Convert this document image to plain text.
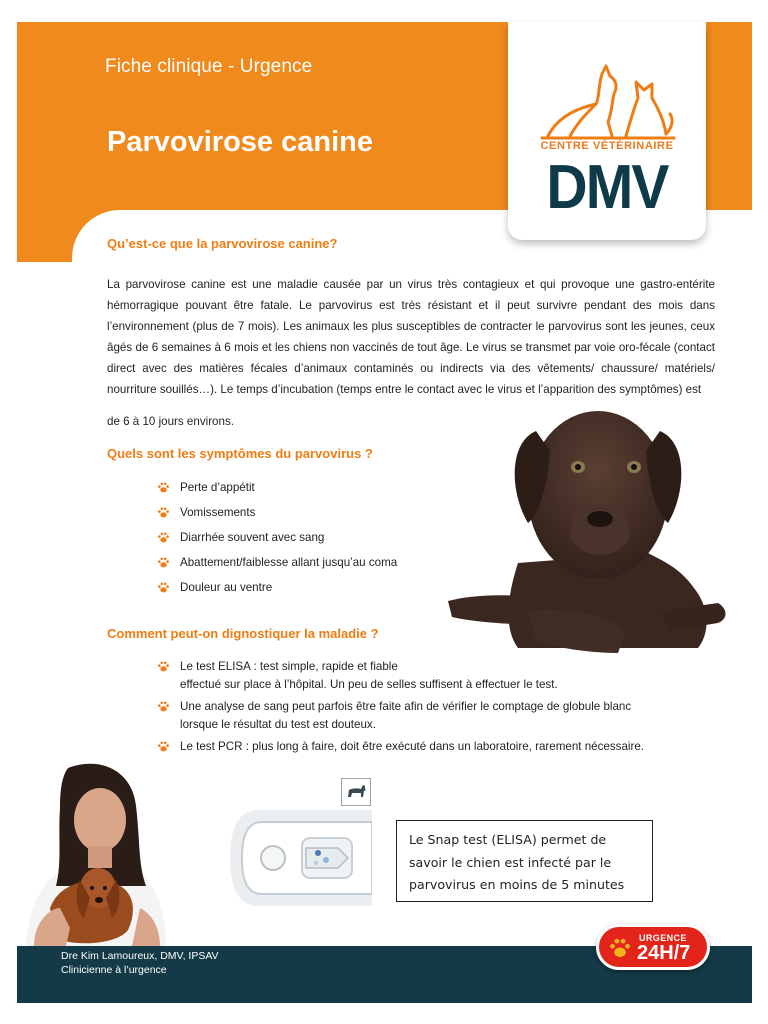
Fiche clinique - Urgence
Parvovirose canine	CENTRE VÉTÉRINAIRE
DMV
Qu’est-ce que la parvovirose canine?

La parvovirose canine est une maladie causée par un virus très contagieux et qui provoque une gastro-entérite hémorragique pouvant être fatale. Le parvovirus est très résistant et il peut survivre pendant des mois dans l’environnement (plus de 7 mois). Les animaux les plus susceptibles de contracter le parvovirus sont les jeunes, ceux âgés de 6 semaines à 6 mois et les chiens non vaccinés de tout âge. Le virus se transmet par voie oro-fécale (contact direct avec des matières fécales d’animaux contaminés ou indirects via des vêtements/ chaussure/ matériels/ nourriture souillés…). Le temps d’incubation (temps entre le contact avec le virus et l’apparition des symptômes) est

de 6 à 10 jours environs.
Quels sont les symptômes du parvovirus ?
Perte d’appétit
Vomissements
Diarrhée souvent avec sang
Abattement/faiblesse allant jusqu’au coma
Douleur au ventre
Comment peut-on dignostiquer la maladie ?
Le test ELISA : test simple, rapide et fiable
effectué sur place à l’hôpital. Un peu de selles suffisent à effectuer le test.
Une analyse de sang peut parfois être faite afin de vérifier le comptage de globule blanc
lorsque le résultat du test est douteux.
Le test PCR : plus long à faire, doit être exécuté dans un laboratoire, rarement nécessaire.
Le Snap test (ELISA) permet de
savoir le chien est infecté par le
parvovirus en moins de 5 minutes
Dre Kim Lamoureux, DMV, IPSAV
Clinicienne à l’urgence
URGENCE
24H/7
